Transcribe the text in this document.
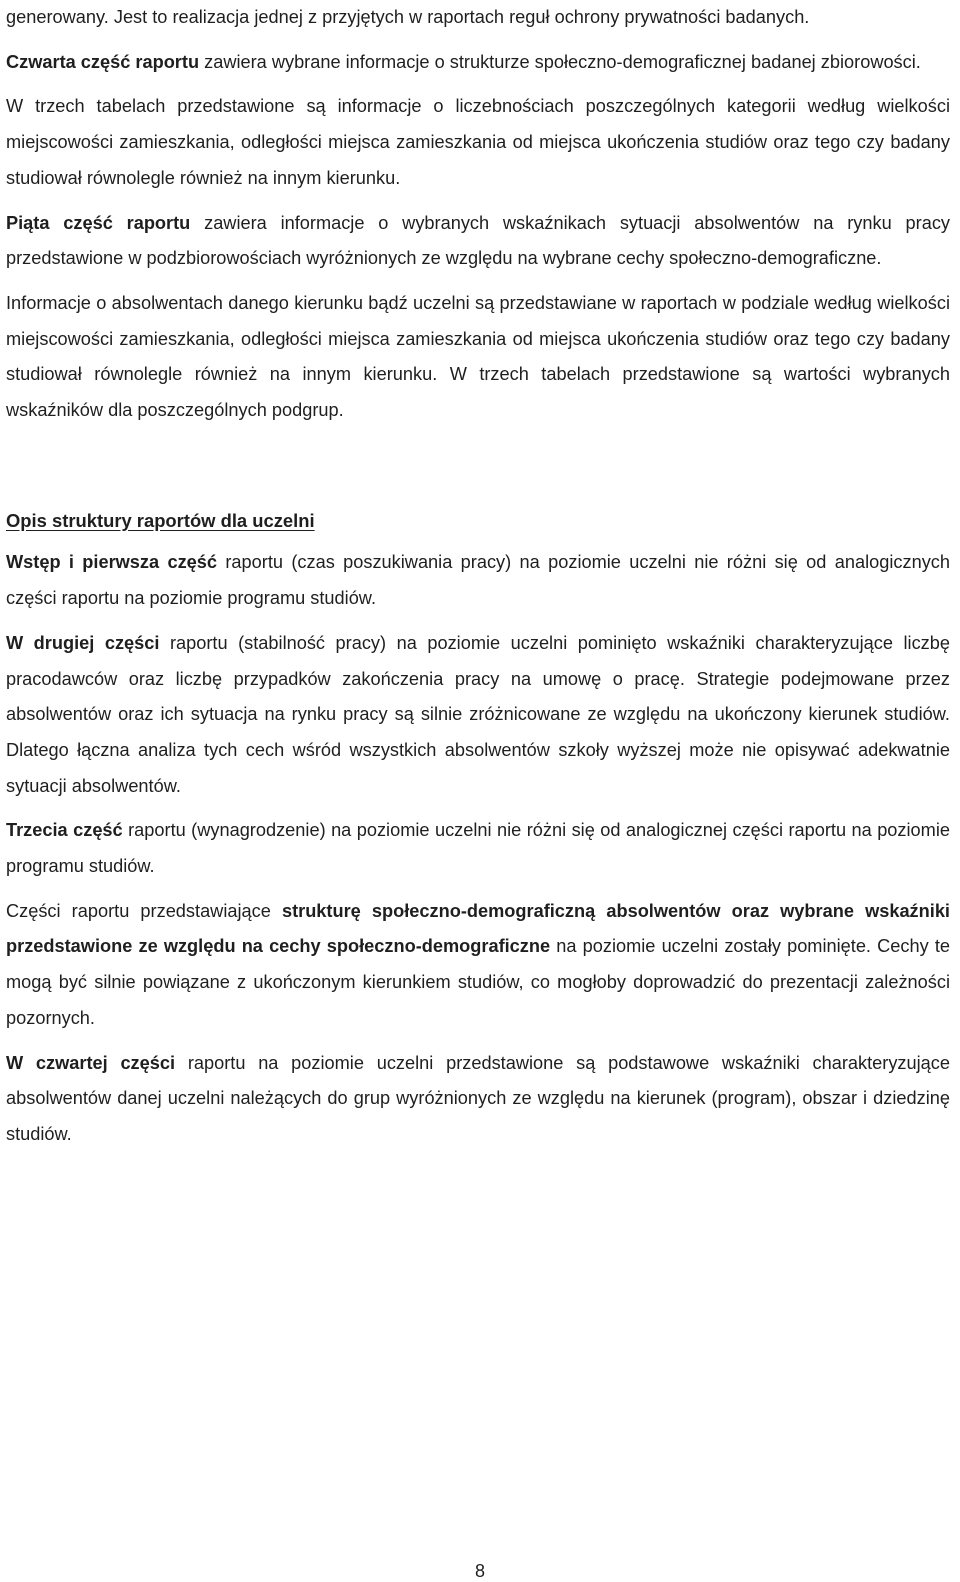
generowany. Jest to realizacja jednej z przyjętych w raportach reguł ochrony prywatności badanych.

Czwarta część raportu zawiera wybrane informacje o strukturze społeczno-demograficznej badanej zbiorowości.

W trzech tabelach przedstawione są informacje o liczebnościach poszczególnych kategorii według wielkości miejscowości zamieszkania, odległości miejsca zamieszkania od miejsca ukończenia studiów oraz tego czy badany studiował równolegle również na innym kierunku.

Piąta część raportu zawiera informacje o wybranych wskaźnikach sytuacji absolwentów na rynku pracy przedstawione w podzbiorowościach wyróżnionych ze względu na wybrane cechy społeczno-demograficzne.

Informacje o absolwentach danego kierunku bądź uczelni są przedstawiane w raportach w podziale według wielkości miejscowości zamieszkania, odległości miejsca zamieszkania od miejsca ukończenia studiów oraz tego czy badany studiował równolegle również na innym kierunku. W trzech tabelach przedstawione są wartości wybranych wskaźników dla poszczególnych podgrup.

Opis struktury raportów dla uczelni

Wstęp i pierwsza część raportu (czas poszukiwania pracy) na poziomie uczelni nie różni się od analogicznych części raportu na poziomie programu studiów.

W drugiej części raportu (stabilność pracy) na poziomie uczelni pominięto wskaźniki charakteryzujące liczbę pracodawców oraz liczbę przypadków zakończenia pracy na umowę o pracę. Strategie podejmowane przez absolwentów oraz ich sytuacja na rynku pracy są silnie zróżnicowane ze względu na ukończony kierunek studiów. Dlatego łączna analiza tych cech wśród wszystkich absolwentów szkoły wyższej może nie opisywać adekwatnie sytuacji absolwentów.

Trzecia część raportu (wynagrodzenie) na poziomie uczelni nie różni się od analogicznej części raportu na poziomie programu studiów.

Części raportu przedstawiające strukturę społeczno-demograficzną absolwentów oraz wybrane wskaźniki przedstawione ze względu na cechy społeczno-demograficzne na poziomie uczelni zostały pominięte. Cechy te mogą być silnie powiązane z ukończonym kierunkiem studiów, co mogłoby doprowadzić do prezentacji zależności pozornych.

W czwartej części raportu na poziomie uczelni przedstawione są podstawowe wskaźniki charakteryzujące absolwentów danej uczelni należących do grup wyróżnionych ze względu na kierunek (program), obszar i dziedzinę studiów.

8
